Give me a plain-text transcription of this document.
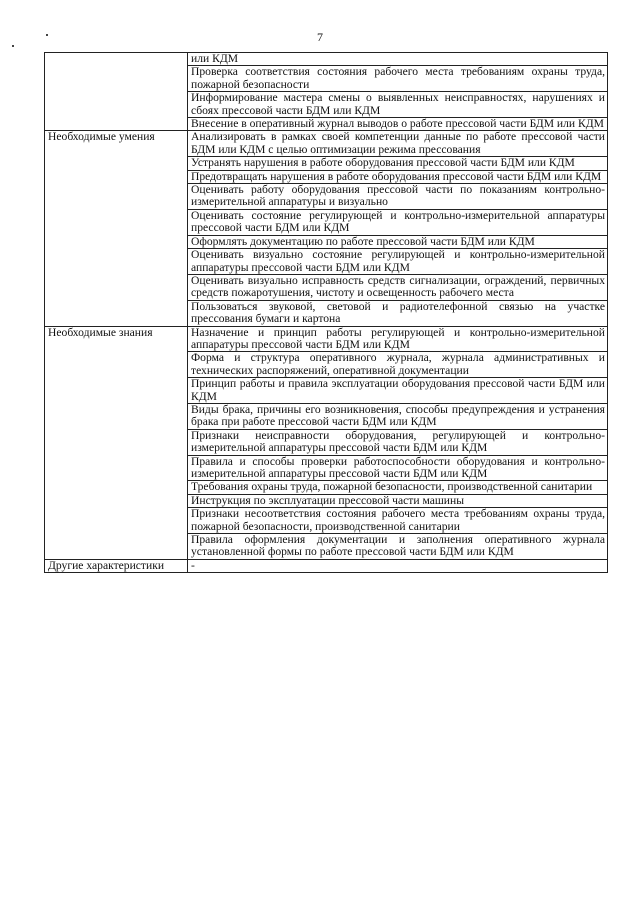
7
	или КДМ
	Проверка соответствия состояния рабочего места требованиям охраны труда, пожарной безопасности
	Информирование мастера смены о выявленных неисправностях, нарушениях и сбоях прессовой части БДМ или КДМ
	Внесение в оперативный журнал выводов о работе прессовой части БДМ или КДМ
Необходимые умения	Анализировать в рамках своей компетенции данные по работе прессовой части БДМ или КДМ с целью оптимизации режима прессования
	Устранять нарушения в работе оборудования прессовой части БДМ или КДМ
	Предотвращать нарушения в работе оборудования прессовой части БДМ или КДМ
	Оценивать работу оборудования прессовой части по показаниям контрольно-измерительной аппаратуры и визуально
	Оценивать состояние регулирующей и контрольно-измерительной аппаратуры прессовой части БДМ или КДМ
	Оформлять документацию по работе прессовой части БДМ или КДМ
	Оценивать визуально состояние регулирующей и контрольно-измерительной аппаратуры прессовой части БДМ или КДМ
	Оценивать визуально исправность средств сигнализации, ограждений, первичных средств пожаротушения, чистоту и освещенность рабочего места
	Пользоваться звуковой, световой и радиотелефонной связью на участке прессования бумаги и картона
Необходимые знания	Назначение и принцип работы регулирующей и контрольно-измерительной аппаратуры прессовой части БДМ или КДМ
	Форма и структура оперативного журнала, журнала административных и технических распоряжений, оперативной документации
	Принцип работы и правила эксплуатации оборудования прессовой части БДМ или КДМ
	Виды брака, причины его возникновения, способы предупреждения и устранения брака при работе прессовой части БДМ или КДМ
	Признаки неисправности оборудования, регулирующей и контрольно-измерительной аппаратуры прессовой части БДМ или КДМ
	Правила и способы проверки работоспособности оборудования и контрольно-измерительной аппаратуры прессовой части БДМ или КДМ
	Требования охраны труда, пожарной безопасности, производственной санитарии
	Инструкция по эксплуатации прессовой части машины
	Признаки несоответствия состояния рабочего места требованиям охраны труда, пожарной безопасности, производственной санитарии
	Правила оформления документации и заполнения оперативного журнала установленной формы по работе прессовой части БДМ или КДМ
Другие характеристики	-
